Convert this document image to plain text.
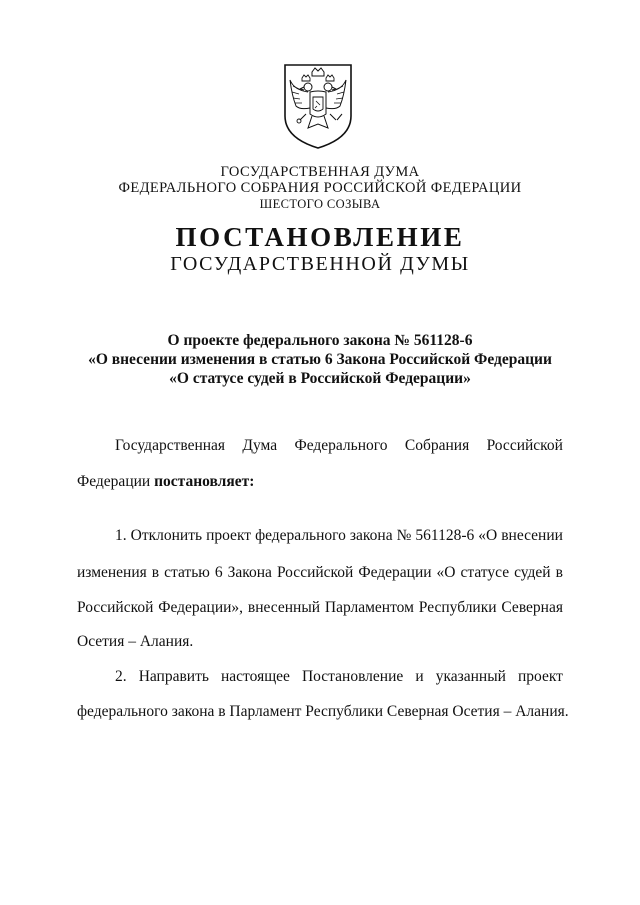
ГОСУДАРСТВЕННАЯ ДУМА
ФЕДЕРАЛЬНОГО СОБРАНИЯ РОССИЙСКОЙ ФЕДЕРАЦИИ
ШЕСТОГО СОЗЫВА
ПОСТАНОВЛЕНИЕ
ГОСУДАРСТВЕННОЙ ДУМЫ
О проекте федерального закона № 561128-6
«О внесении изменения в статью 6 Закона Российской Федерации
«О статусе судей в Российской Федерации»
Государственная Дума Федерального Собрания Российской
Федерации постановляет:
1. Отклонить проект федерального закона № 561128-6 «О внесении
изменения в статью 6 Закона Российской Федерации «О статусе судей в
Российской Федерации», внесенный Парламентом Республики Северная
Осетия – Алания.
2. Направить настоящее Постановление и указанный проект
федерального закона в Парламент Республики Северная Осетия – Алания.
